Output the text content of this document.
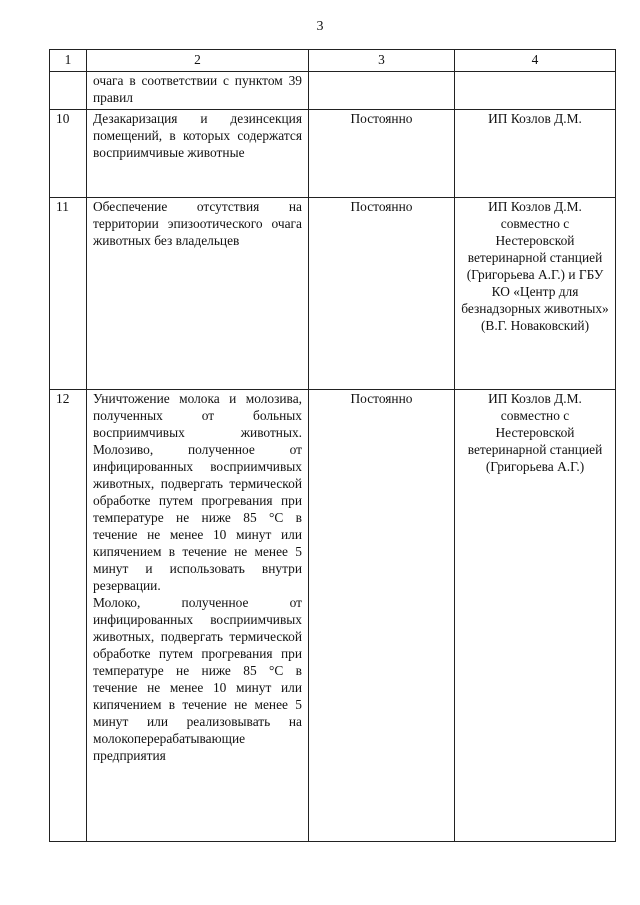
3
1	2	3	4

	очага в соответствии с пунктом 39 правил		

10	Дезакаризация и дезинсекция помещений, в которых содержатся восприимчивые животные	Постоянно	ИП Козлов Д.М.
11	Обеспечение отсутствия на территории эпизоотического очага животных без владельцев	Постоянно	ИП Козлов Д.М. совместно с Нестеровской ветеринарной станцией (Григорьева А.Г.) и ГБУ КО «Центр для безнадзорных животных» (В.Г. Новаковский)
12	Уничтожение молока и молозива, полученных от больных восприимчивых животных. Молозиво, полученное от инфицированных восприимчивых животных, подвергать термической обработке путем прогревания при температуре не ниже 85 °C в течение не менее 10 минут или кипячением в течение не менее 5 минут и использовать внутри резервации.
Молоко, полученное от инфицированных восприимчивых животных, подвергать термической обработке путем прогревания при температуре не ниже 85 °C в течение не менее 10 минут или кипячением в течение не менее 5 минут или реализовывать на молокоперерабатывающие предприятия	Постоянно	ИП Козлов Д.М. совместно с Нестеровской ветеринарной станцией (Григорьева А.Г.)
